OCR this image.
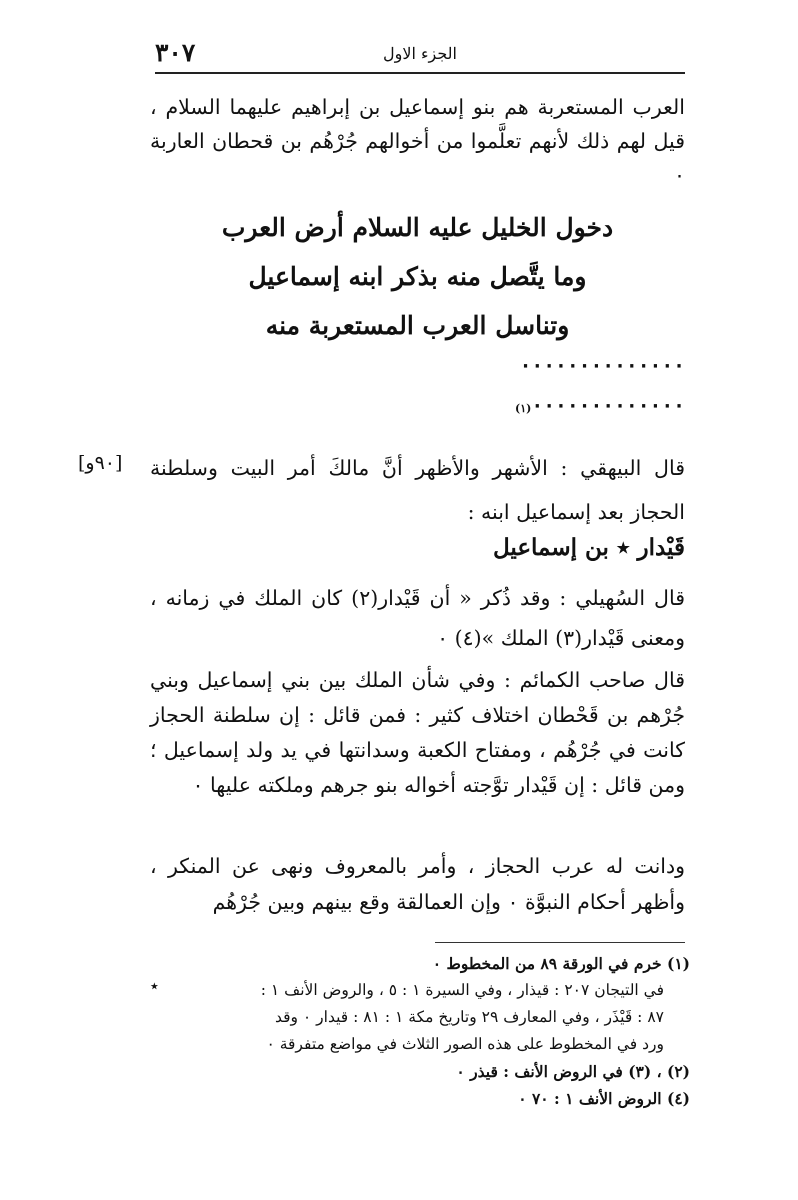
٣٠٧	الجزء الاول
العرب المستعربة هم بنو إسماعيل بن إبراهيم عليهما السلام ، قيل لهم ذلك لأنهم تعلَّموا من أخوالهم جُرْهُم بن قحطان العاربة ٠
دخول الخليل عليه السلام أرض العرب
وما يتَّصل منه بذكر ابنه إسماعيل
وتناسل العرب المستعربة منه
٠٠٠٠٠٠٠٠٠٠٠٠٠٠
٠٠٠٠٠٠٠٠٠٠٠٠٠(١)
[٩٠و] قال البيهقي : الأشهر والأظهر أنَّ مالكَ أمر البيت وسلطنة الحجاز بعد إسماعيل ابنه :
قَيْدار ٭ بن إسماعيل
قال السُهيلي : وقد ذُكر « أن قَيْدار(٢) كان الملك في زمانه ، ومعنى قَيْدار(٣) الملك »(٤) ٠
قال صاحب الكمائم : وفي شأن الملك بين بني إسماعيل وبني جُرْهم بن قَحْطان اختلاف كثير : فمن قائل : إن سلطنة الحجاز كانت في جُرْهُم ، ومفتاح الكعبة وسدانتها في يد ولد إسماعيل ؛ ومن قائل : إن قَيْدار توَّجته أخواله بنو جرهم وملكته عليها ٠
ودانت له عرب الحجاز ، وأمر بالمعروف ونهى عن المنكر ، وأظهر أحكام النبوَّة ٠ وإن العمالقة وقع بينهم وبين جُرْهُم
٭

(١) خرم في الورقة ٨٩ من المخطوط ٠

في التيجان ٢٠٧ : قيذار ، وفي السيرة ١ : ٥ ، والروض الأنف ١ :

٨٧ : قَيْذَر ، وفي المعارف ٢٩ وتاريخ مكة ١ : ٨١ : قيدار ٠ وقد

ورد في المخطوط على هذه الصور الثلاث في مواضع متفرقة ٠

(٢) ، (٣) في الروض الأنف : قيذر ٠

(٤) الروض الأنف ١ : ٧٠ ٠
